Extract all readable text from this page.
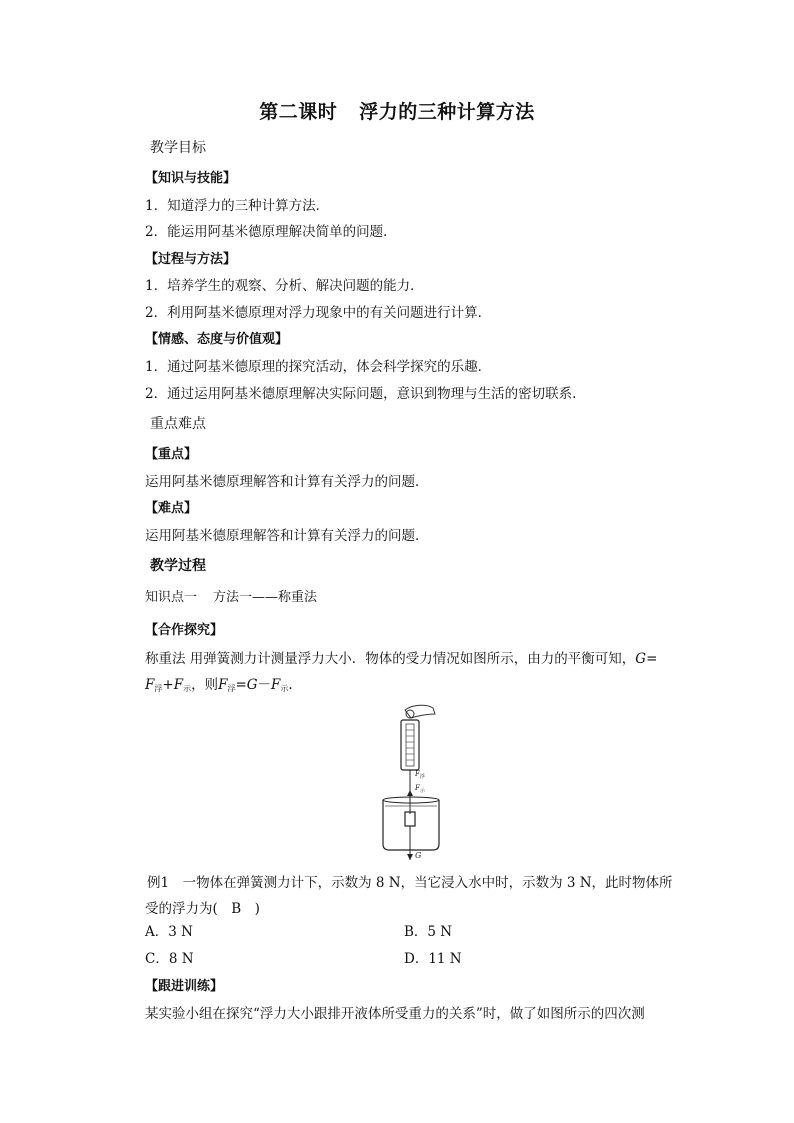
第二课时 浮力的三种计算方法
教学目标
【知识与技能】
1．知道浮力的三种计算方法．
2．能运用阿基米德原理解决简单的问题．
【过程与方法】
1．培养学生的观察、分析、解决问题的能力．
2．利用阿基米德原理对浮力现象中的有关问题进行计算．
【情感、态度与价值观】
1．通过阿基米德原理的探究活动，体会科学探究的乐趣．
2．通过运用阿基米德原理解决实际问题，意识到物理与生活的密切联系.
重点难点
【重点】
运用阿基米德原理解答和计算有关浮力的问题．
【难点】
运用阿基米德原理解答和计算有关浮力的问题．
教学过程
知识点一 方法一——称重法
【合作探究】
称重法 用弹簧测力计测量浮力大小．物体的受力情况如图所示，由力的平衡可知，G=
$F_浮+F_示$，则$F_浮=G-F_示$.
$F_浮$
$F_示$
G
例1　一物体在弹簧测力计下，示数为 8 N，当它浸入水中时，示数为 3 N，此时物体所
受的浮力为(　B　)
A．3 N	B．5 N
C．8 N	D．11 N
【跟进训练】
某实验小组在探究“浮力大小跟排开液体所受重力的关系”时，做了如图所示的四次测
